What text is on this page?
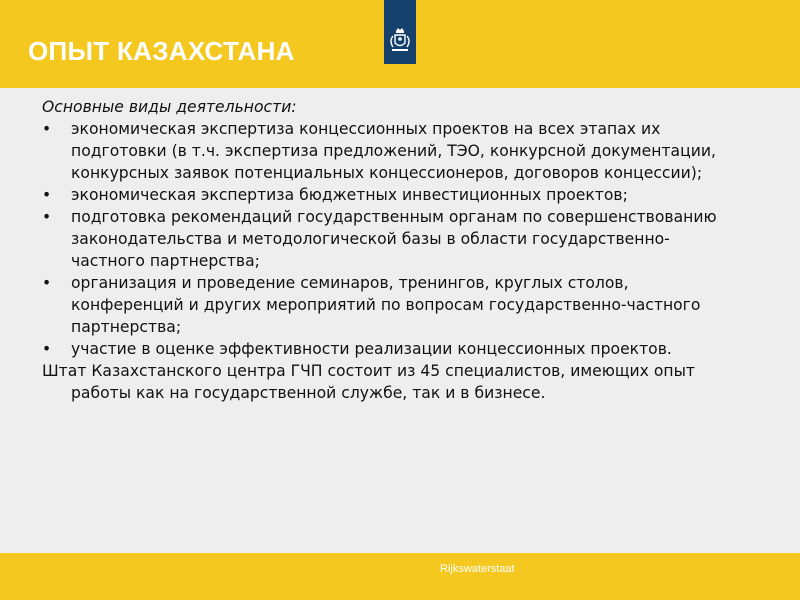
ОПЫТ КАЗАХСТАНА

Основные виды деятельности:

• экономическая экспертиза концессионных проектов на всех этапах их подготовки (в т.ч. экспертиза предложений, ТЭО, конкурсной документации, конкурсных заявок потенциальных концессионеров, договоров концессии);
• экономическая экспертиза бюджетных инвестиционных проектов;
• подготовка рекомендаций государственным органам по совершенствованию законодательства и методологической базы в области государственно-частного партнерства;
• организация и проведение семинаров, тренингов, круглых столов, конференций и других мероприятий по вопросам государственно-частного партнерства;
• участие в оценке эффективности реализации концессионных проектов.

Штат Казахстанского центра ГЧП состоит из 45 специалистов, имеющих опыт работы как на государственной службе, так и в бизнесе.

Rijkswaterstaat
